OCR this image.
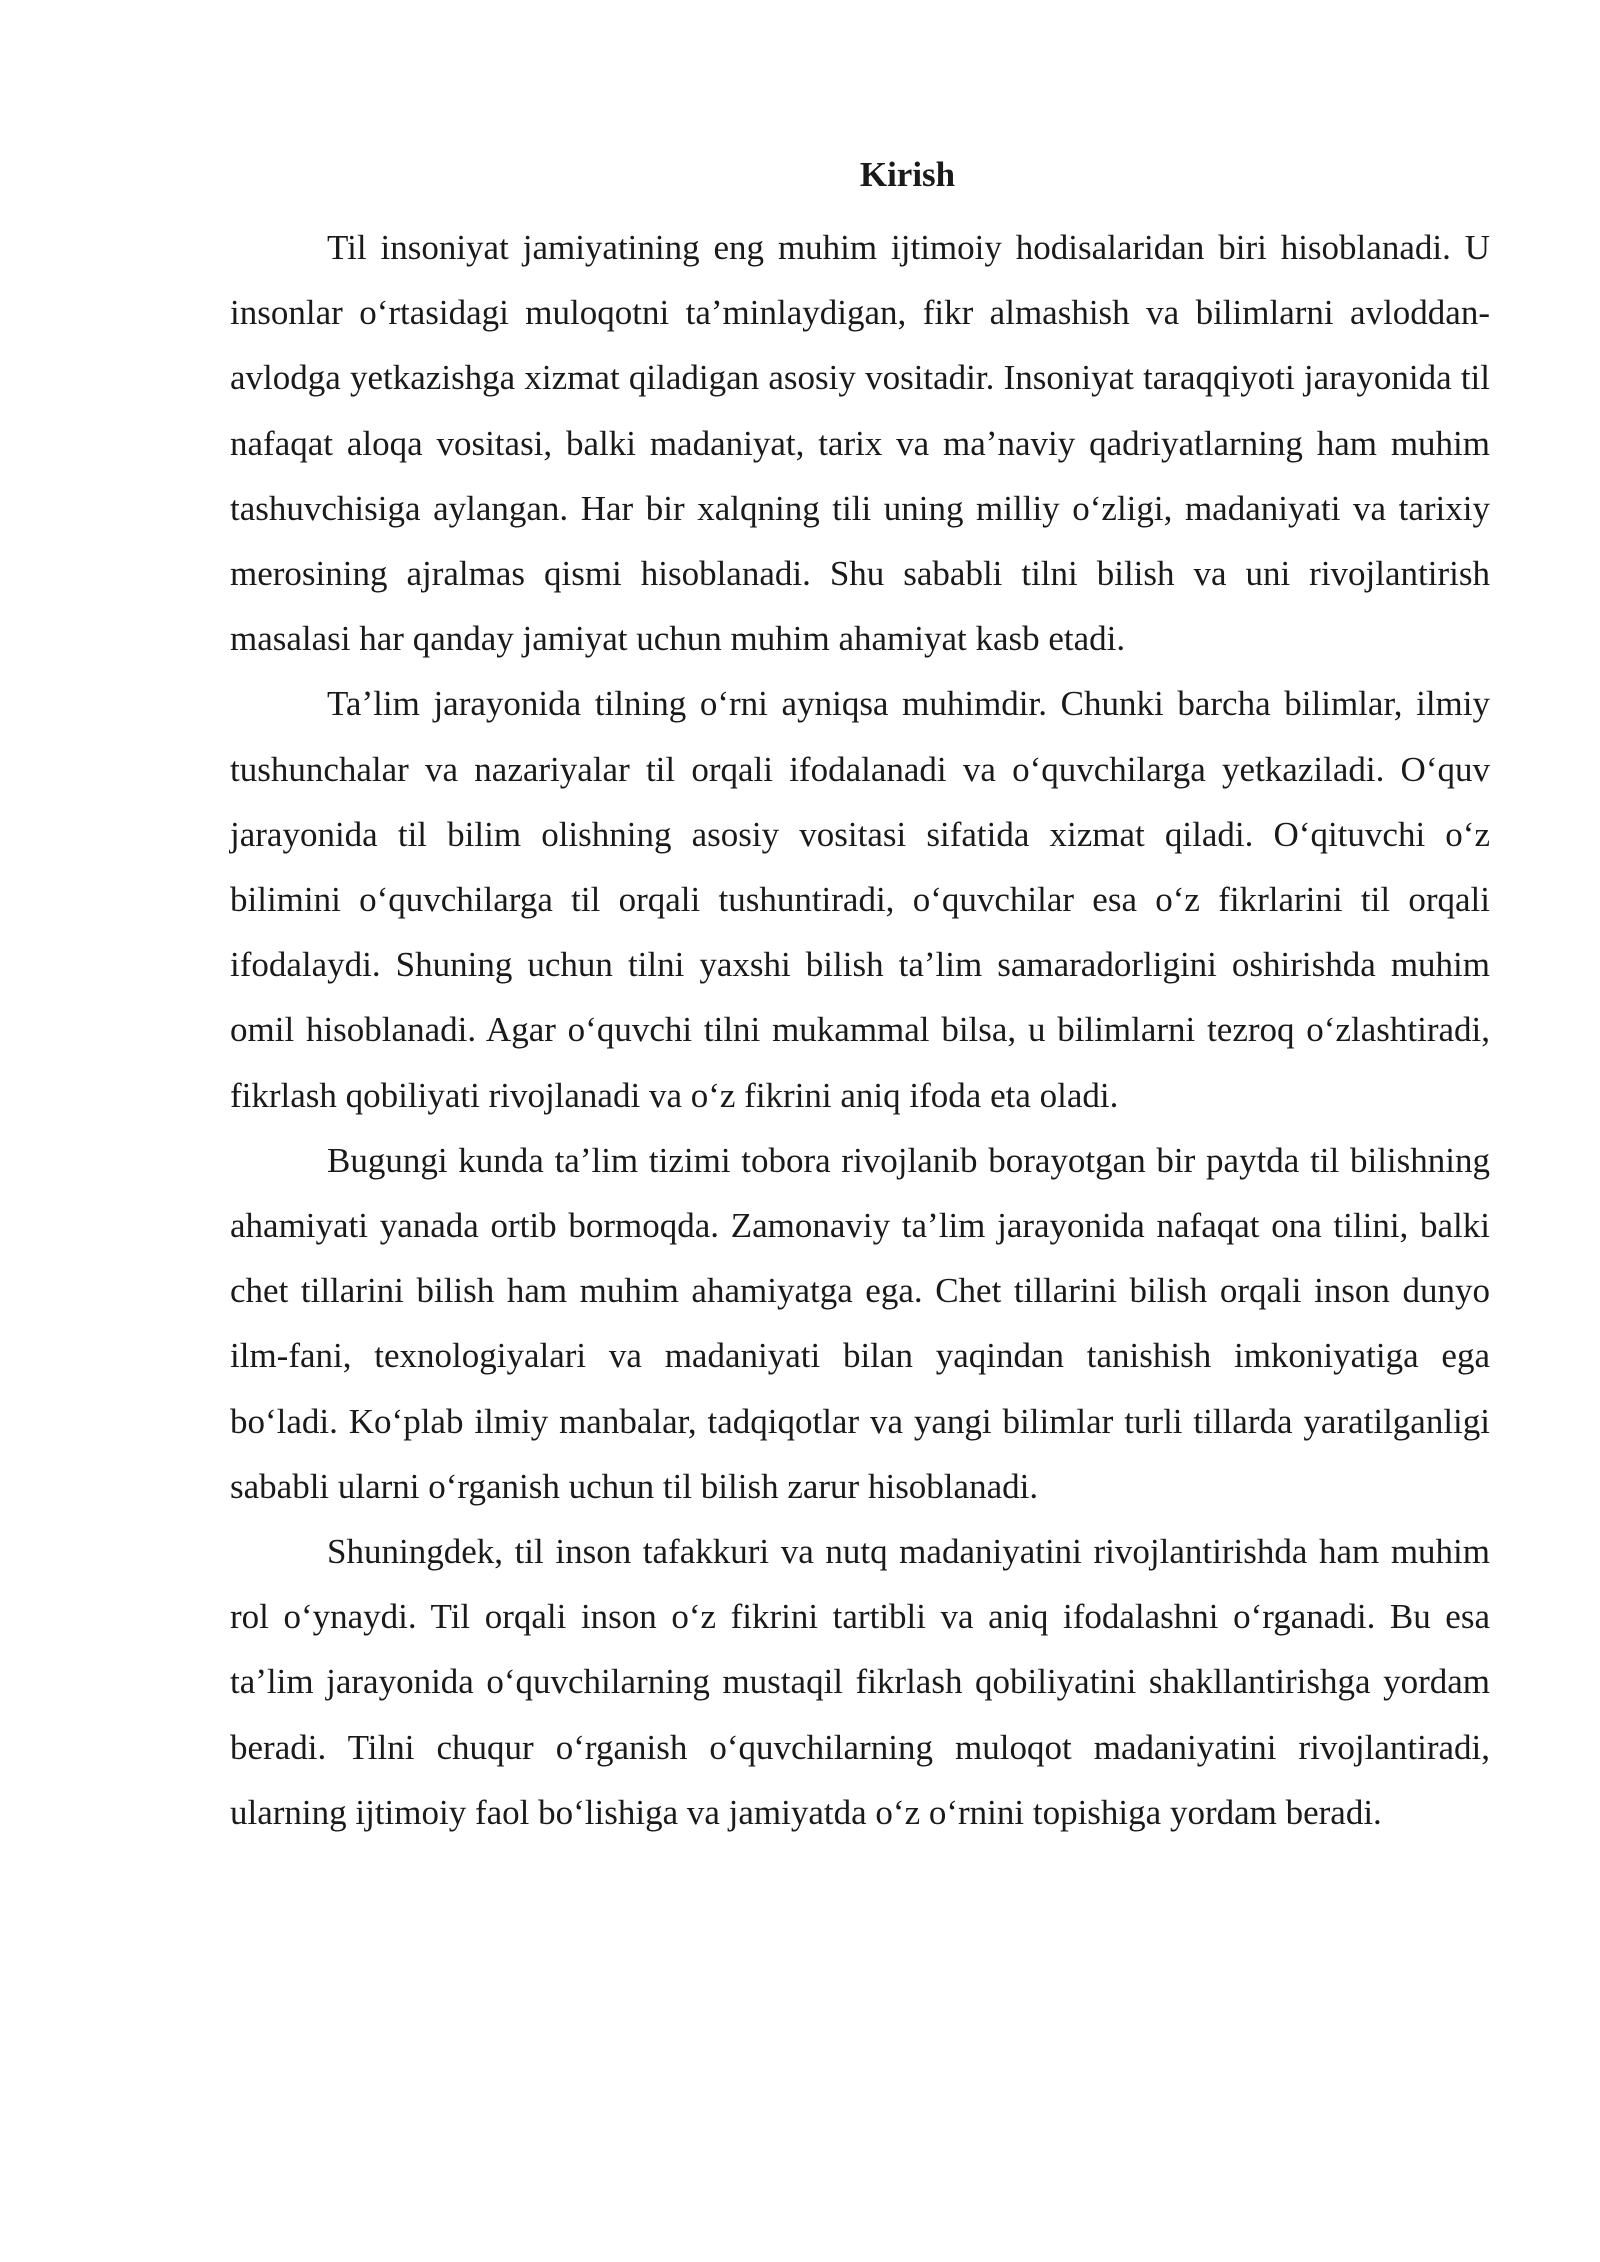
Kirish

Til insoniyat jamiyatining eng muhim ijtimoiy hodisalaridan biri hisoblanadi. U insonlar oʻrtasidagi muloqotni taʼminlaydigan, fikr almashish va bilimlarni avloddan-avlodga yetkazishga xizmat qiladigan asosiy vositadir. Insoniyat taraqqiyoti jarayonida til nafaqat aloqa vositasi, balki madaniyat, tarix va maʼnaviy qadriyatlarning ham muhim tashuvchisiga aylangan. Har bir xalqning tili uning milliy oʻzligi, madaniyati va tarixiy merosining ajralmas qismi hisoblanadi. Shu sababli tilni bilish va uni rivojlantirish masalasi har qanday jamiyat uchun muhim ahamiyat kasb etadi.

Taʼlim jarayonida tilning oʻrni ayniqsa muhimdir. Chunki barcha bilimlar, ilmiy tushunchalar va nazariyalar til orqali ifodalanadi va oʻquvchilarga yetkaziladi. Oʻquv jarayonida til bilim olishning asosiy vositasi sifatida xizmat qiladi. Oʻqituvchi oʻz bilimini oʻquvchilarga til orqali tushuntiradi, oʻquvchilar esa oʻz fikrlarini til orqali ifodalaydi. Shuning uchun tilni yaxshi bilish taʼlim samaradorligini oshirishda muhim omil hisoblanadi. Agar oʻquvchi tilni mukammal bilsa, u bilimlarni tezroq oʻzlashtiradi, fikrlash qobiliyati rivojlanadi va oʻz fikrini aniq ifoda eta oladi.

Bugungi kunda taʼlim tizimi tobora rivojlanib borayotgan bir paytda til bilishning ahamiyati yanada ortib bormoqda. Zamonaviy taʼlim jarayonida nafaqat ona tilini, balki chet tillarini bilish ham muhim ahamiyatga ega. Chet tillarini bilish orqali inson dunyo ilm-fani, texnologiyalari va madaniyati bilan yaqindan tanishish imkoniyatiga ega boʻladi. Koʻplab ilmiy manbalar, tadqiqotlar va yangi bilimlar turli tillarda yaratilganligi sababli ularni oʻrganish uchun til bilish zarur hisoblanadi.

Shuningdek, til inson tafakkuri va nutq madaniyatini rivojlantirishda ham muhim rol oʻynaydi. Til orqali inson oʻz fikrini tartibli va aniq ifodalashni oʻrganadi. Bu esa taʼlim jarayonida oʻquvchilarning mustaqil fikrlash qobiliyatini shakllantirishga yordam beradi. Tilni chuqur oʻrganish oʻquvchilarning muloqot madaniyatini rivojlantiradi, ularning ijtimoiy faol boʻlishiga va jamiyatda oʻz oʻrnini topishiga yordam beradi.
